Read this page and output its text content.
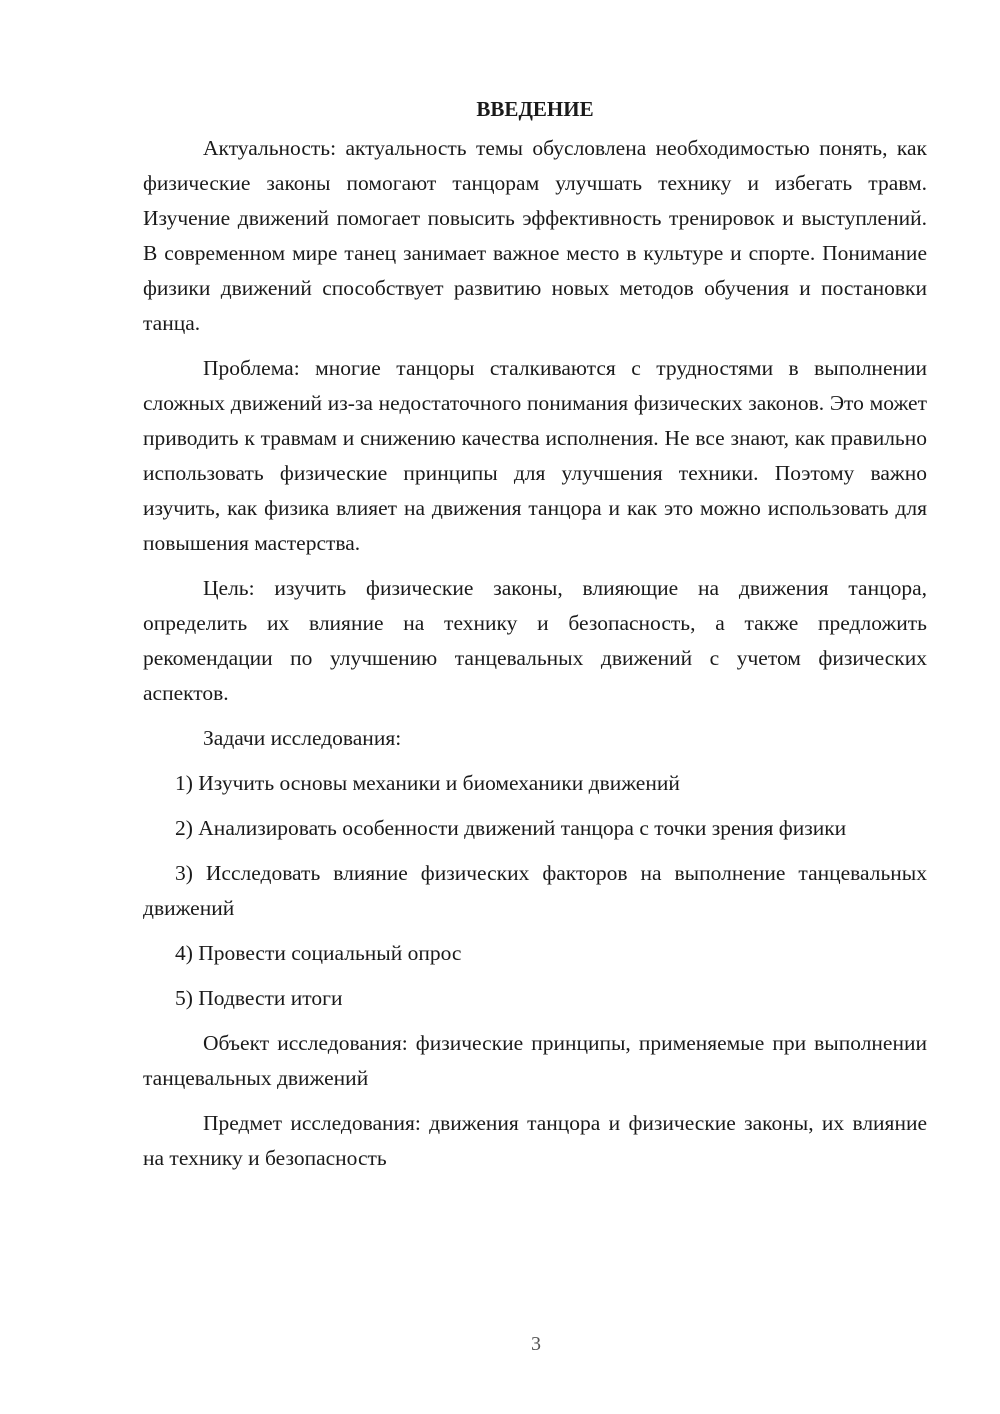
ВВЕДЕНИЕ

Актуальность: актуальность темы обусловлена необходимостью понять, как физические законы помогают танцорам улучшать технику и избегать травм. Изучение движений помогает повысить эффективность тренировок и выступлений. В современном мире танец занимает важное место в культуре и спорте. Понимание физики движений способствует развитию новых методов обучения и постановки танца.

Проблема: многие танцоры сталкиваются с трудностями в выполнении сложных движений из-за недостаточного понимания физических законов. Это может приводить к травмам и снижению качества исполнения. Не все знают, как правильно использовать физические принципы для улучшения техники. Поэтому важно изучить, как физика влияет на движения танцора и как это можно использовать для повышения мастерства.

Цель: изучить физические законы, влияющие на движения танцора, определить их влияние на технику и безопасность, а также предложить рекомендации по улучшению танцевальных движений с учетом физических аспектов.

Задачи исследования:

1) Изучить основы механики и биомеханики движений

2) Анализировать особенности движений танцора с точки зрения физики

3) Исследовать влияние физических факторов на выполнение танцевальных движений

4) Провести социальный опрос

5) Подвести итоги

Объект исследования: физические принципы, применяемые при выполнении танцевальных движений

Предмет исследования: движения танцора и физические законы, их влияние на технику и безопасность

3
